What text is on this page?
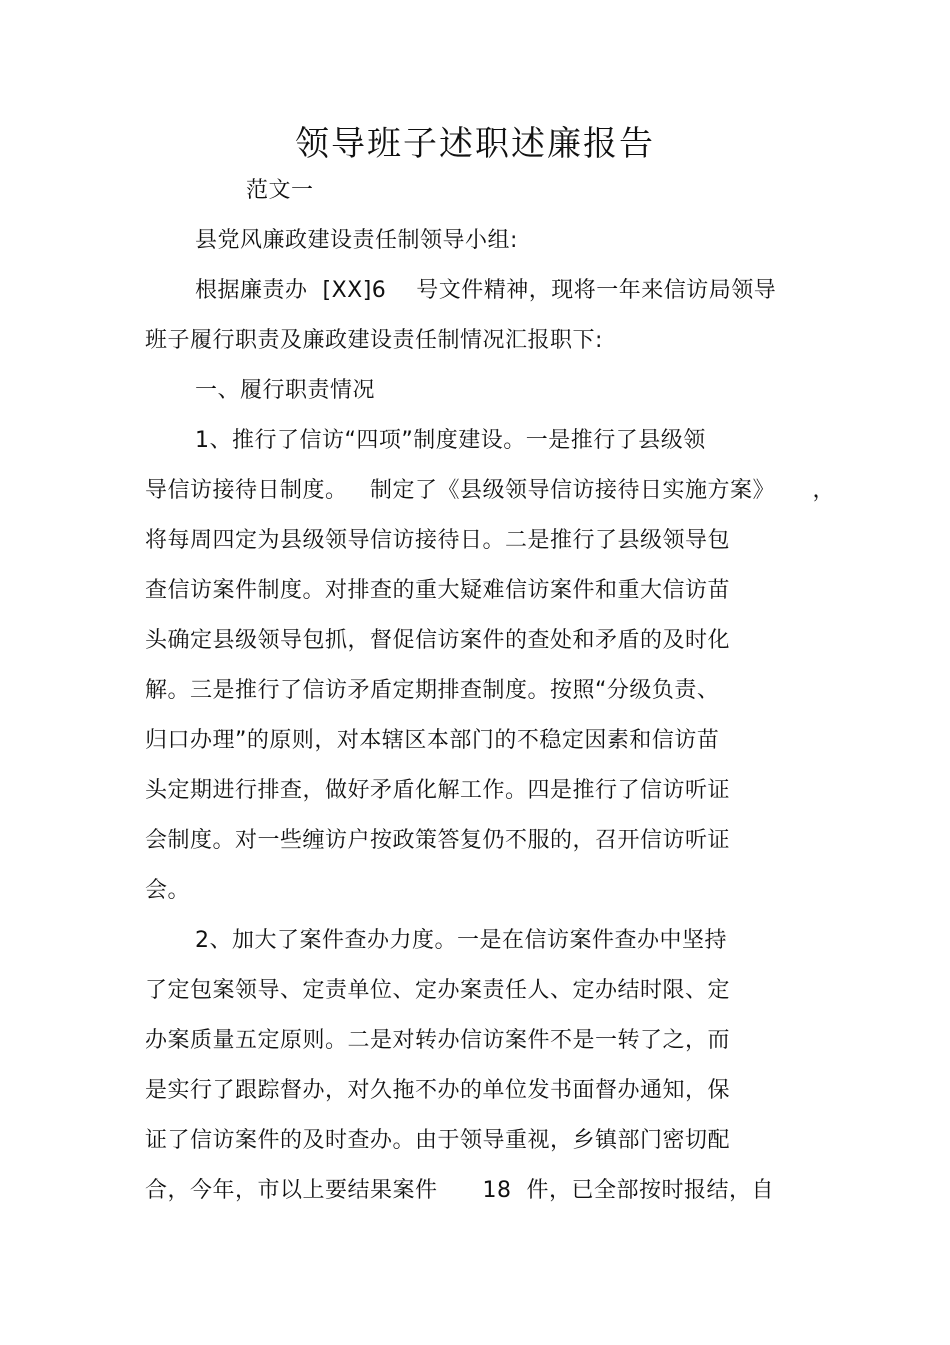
领导班子述职述廉报告
范文一
县党风廉政建设责任制领导小组:
根据廉责办  [XX]6    号文件精神，现将一年来信访局领导
班子履行职责及廉政建设责任制情况汇报职下:
一、履行职责情况
1、推行了信访“四项”制度建设。一是推行了县级领
导信访接待日制度。   制定了《县级领导信访接待日实施方案》     ，
将每周四定为县级领导信访接待日。二是推行了县级领导包
查信访案件制度。对排查的重大疑难信访案件和重大信访苗
头确定县级领导包抓，督促信访案件的查处和矛盾的及时化
解。三是推行了信访矛盾定期排查制度。按照“分级负责、
归口办理”的原则，对本辖区本部门的不稳定因素和信访苗
头定期进行排查，做好矛盾化解工作。四是推行了信访听证
会制度。对一些缠访户按政策答复仍不服的，召开信访听证
会。
2、加大了案件查办力度。一是在信访案件查办中坚持
了定包案领导、定责单位、定办案责任人、定办结时限、定
办案质量五定原则。二是对转办信访案件不是一转了之，而
是实行了跟踪督办，对久拖不办的单位发书面督办通知，保
证了信访案件的及时查办。由于领导重视，乡镇部门密切配
合，今年，市以上要结果案件      18  件，已全部按时报结，自
